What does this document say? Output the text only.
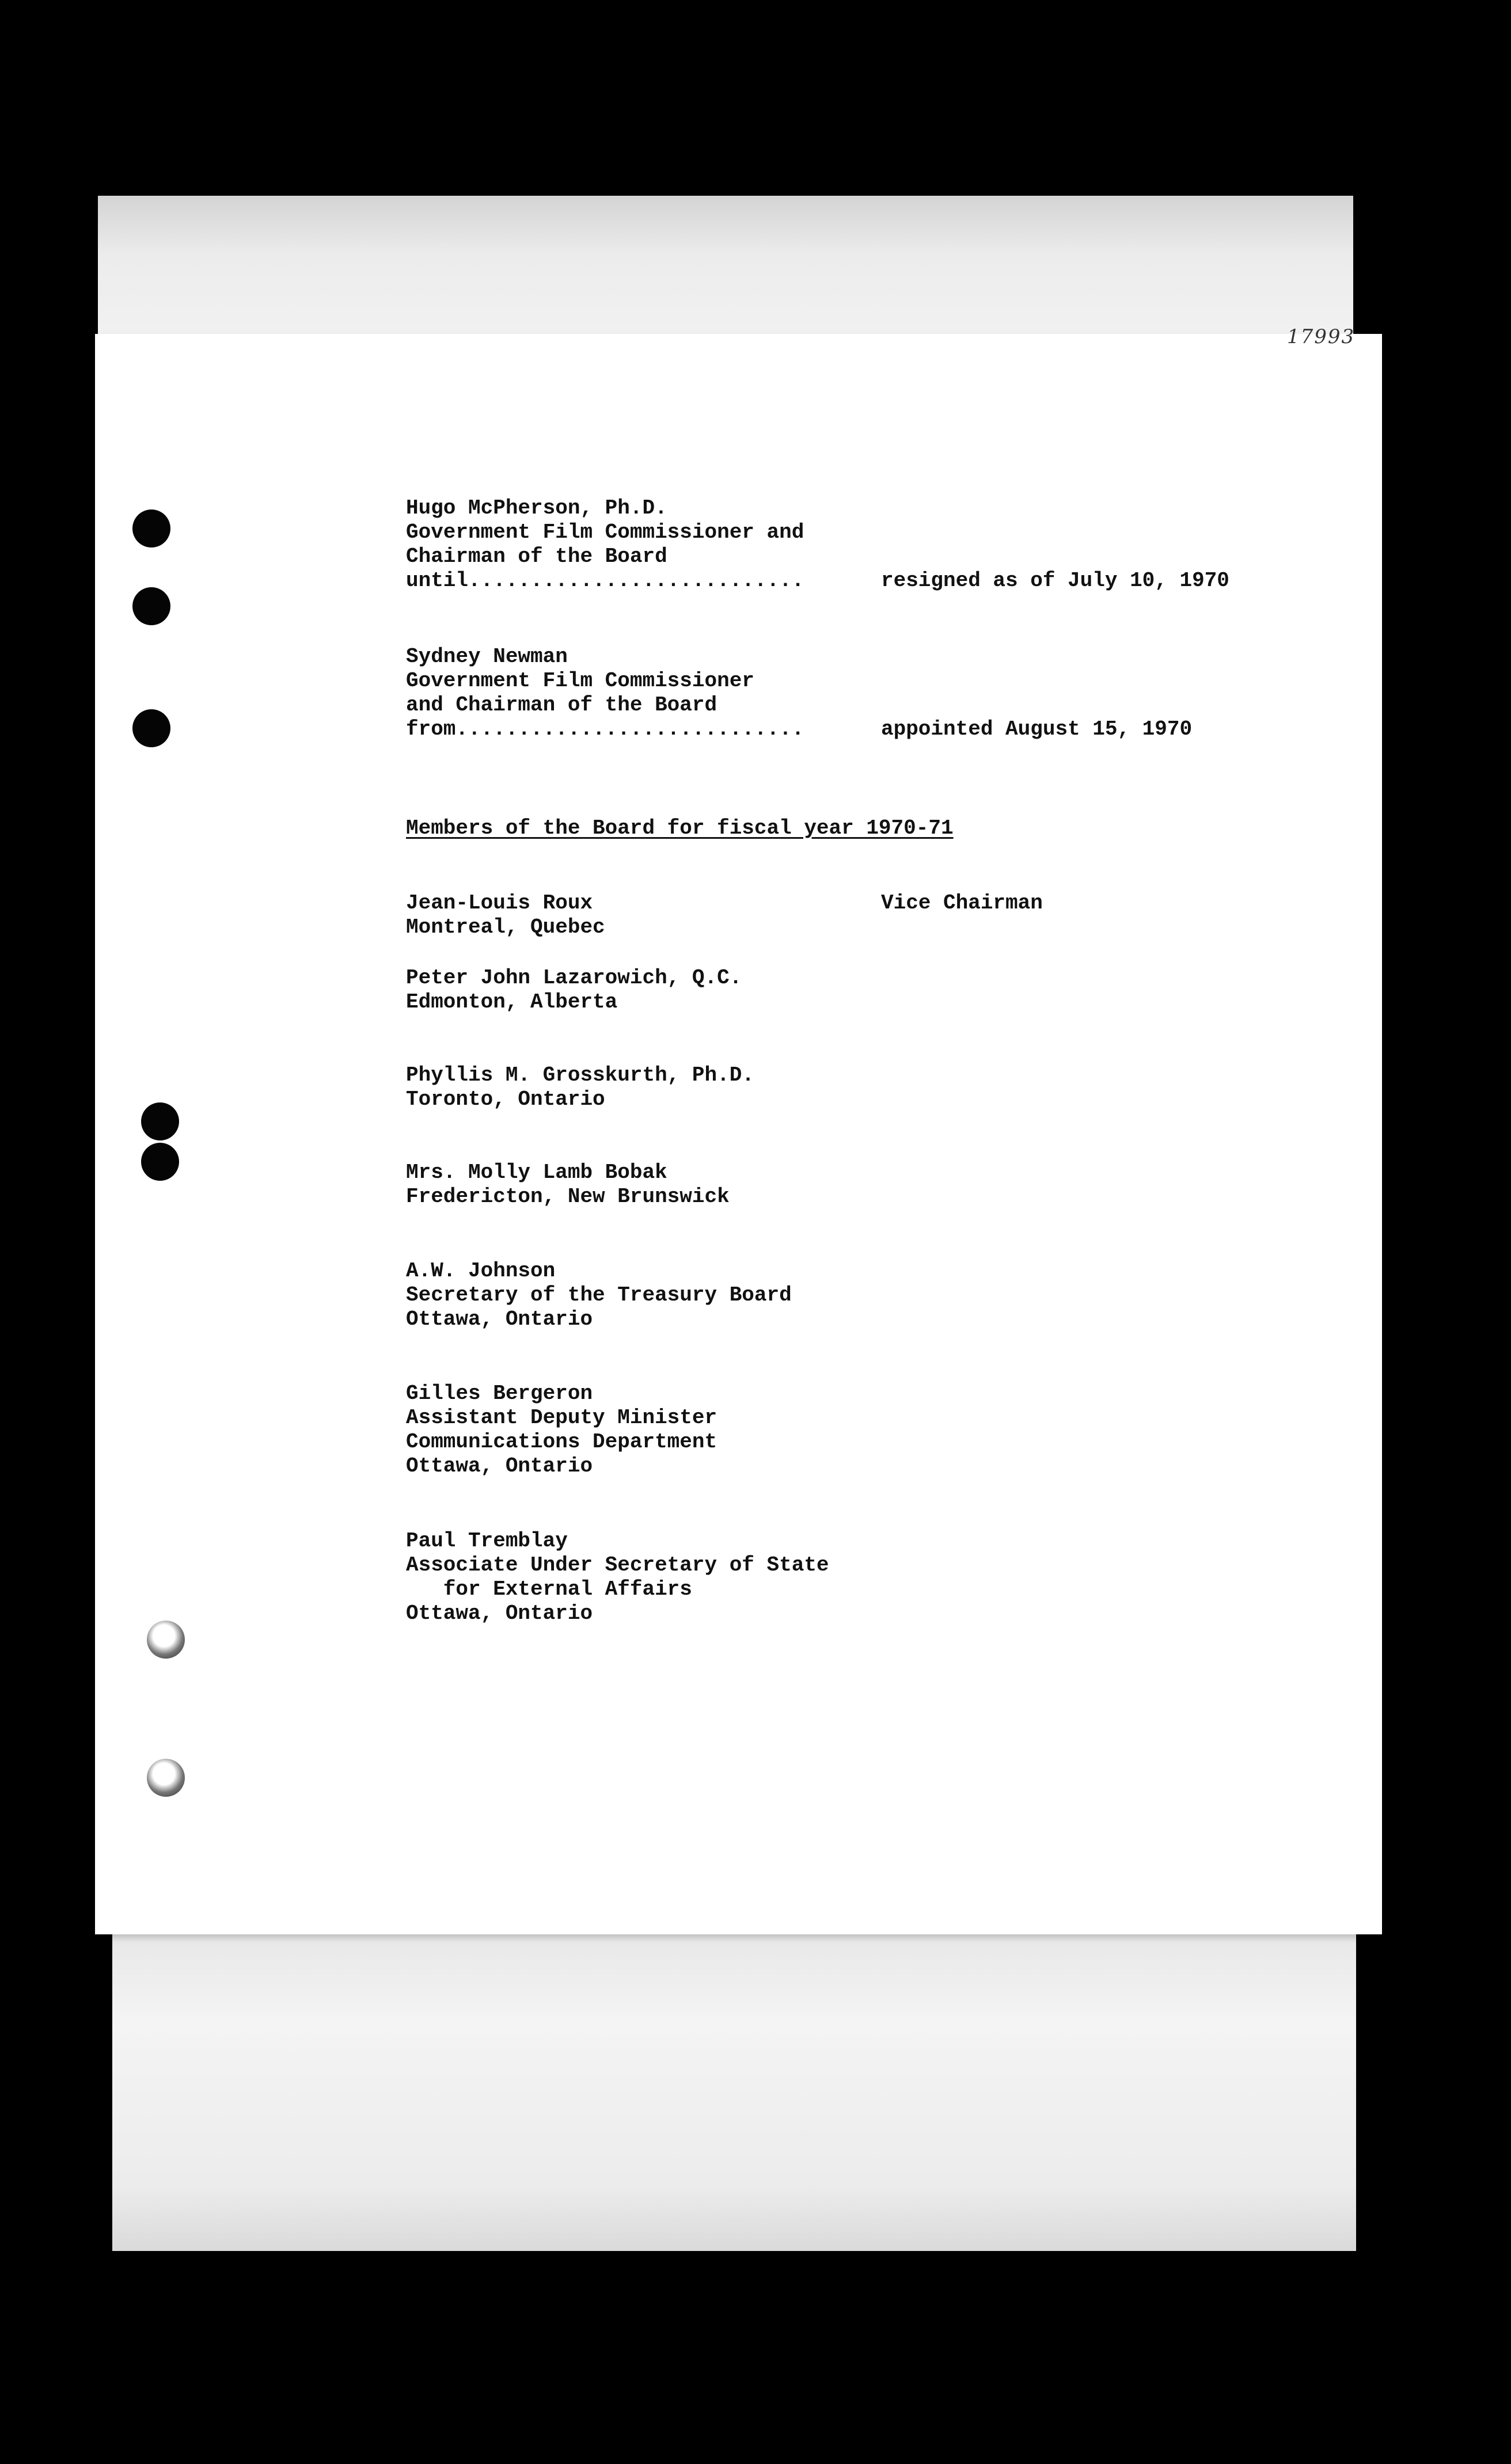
17993
Hugo McPherson, Ph.D.
Government Film Commissioner and
Chairman of the Board
until...........................	resigned as of July 10, 1970
Sydney Newman
Government Film Commissioner
and Chairman of the Board
from............................	appointed August 15, 1970
Members of the Board for fiscal year 1970-71
Jean-Louis Roux
Montreal, Quebec
Vice Chairman
Peter John Lazarowich, Q.C.
Edmonton, Alberta
Phyllis M. Grosskurth, Ph.D.
Toronto, Ontario
Mrs. Molly Lamb Bobak
Fredericton, New Brunswick
A.W. Johnson
Secretary of the Treasury Board
Ottawa, Ontario
Gilles Bergeron
Assistant Deputy Minister
Communications Department
Ottawa, Ontario
Paul Tremblay
Associate Under Secretary of State
for External Affairs
Ottawa, Ontario
